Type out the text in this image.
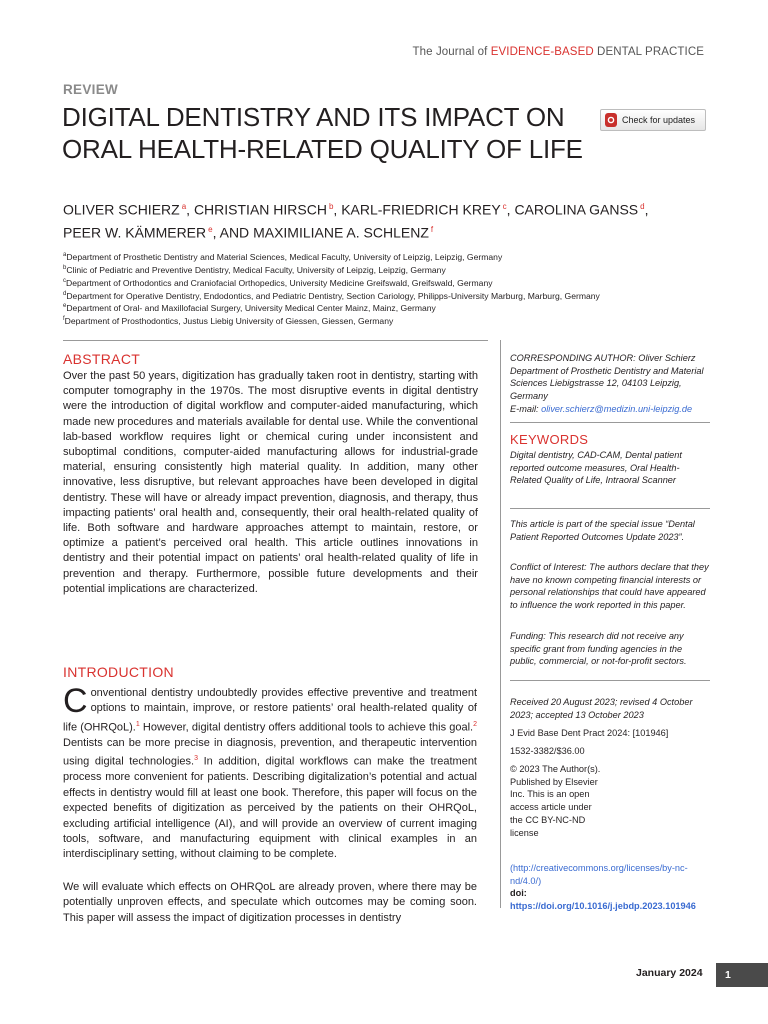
The Journal of EVIDENCE-BASED DENTAL PRACTICE
REVIEW
DIGITAL DENTISTRY AND ITS IMPACT ON ORAL HEALTH-RELATED QUALITY OF LIFE
Check for updates

OLIVER SCHIERZ $^a$, CHRISTIAN HIRSCH $^b$, KARL-FRIEDRICH KREY $^c$, CAROLINA GANSS $^d$,
PEER W. KÄMMERER $^e$, AND MAXIMILIANE A. SCHLENZ $^f$

$^a$Department of Prosthetic Dentistry and Material Sciences, Medical Faculty, University of Leipzig, Leipzig, Germany
$^b$Clinic of Pediatric and Preventive Dentistry, Medical Faculty, University of Leipzig, Leipzig, Germany
$^c$Department of Orthodontics and Craniofacial Orthopedics, University Medicine Greifswald, Greifswald, Germany
$^d$Department for Operative Dentistry, Endodontics, and Pediatric Dentistry, Section Cariology, Philipps-University Marburg, Marburg, Germany
$^e$Department of Oral- and Maxillofacial Surgery, University Medical Center Mainz, Mainz, Germany
$^f$Department of Prosthodontics, Justus Liebig University of Giessen, Giessen, Germany
ABSTRACT

Over the past 50 years, digitization has gradually taken root in dentistry, starting with computer tomography in the 1970s. The most disruptive events in digital dentistry were the introduction of digital workflow and computer-aided manufacturing, which made new procedures and materials available for dental use. While the conventional lab-based workflow requires light or chemical curing under inconsistent and suboptimal conditions, computer-aided manufacturing allows for industrial-grade material, ensuring consistently high material quality. In addition, many other innovative, less disruptive, but relevant approaches have been developed in digital dentistry. These will have or already impact prevention, diagnosis, and therapy, thus impacting patients’ oral health and, consequently, their oral health-related quality of life. Both software and hardware approaches attempt to maintain, restore, or optimize a patient’s perceived oral health. This article outlines innovations in dentistry and their potential impact on patients’ oral health-related quality of life in prevention and therapy. Furthermore, possible future developments and their potential implications are characterized.

INTRODUCTION

Conventional dentistry undoubtedly provides effective preventive and treatment options to maintain, improve, or restore patients’ oral health-related quality of life (OHRQoL).$^1$ However, digital dentistry offers additional tools to achieve this goal.$^2$ Dentists can be more precise in diagnosis, prevention, and therapeutic intervention using digital technologies.$^3$ In addition, digital workflows can make the treatment process more convenient for patients. Describing digitalization’s potential and actual effects in dentistry would fill at least one book. Therefore, this paper will focus on the expected benefits of digitization as perceived by the patients on their OHRQoL, excluding artificial intelligence (AI), and will provide an overview of current imaging tools, software, and manufacturing equipment with clinical examples in an interdisciplinary setting, without claiming to be complete.

We will evaluate which effects on OHRQoL are already proven, where there may be potentially unproven effects, and speculate which outcomes may be coming soon. This paper will assess the impact of digitization processes in dentistry

CORRESPONDING AUTHOR: Oliver Schierz Department of Prosthetic Dentistry and Material Sciences Liebigstrasse 12, 04103 Leipzig, Germany
E-mail: oliver.schierz@medizin.uni-leipzig.de

KEYWORDS

Digital dentistry, CAD-CAM, Dental patient reported outcome measures, Oral Health-Related Quality of Life, Intraoral Scanner

This article is part of the special issue “Dental Patient Reported Outcomes Update 2023”.

Conflict of Interest: The authors declare that they have no known competing financial interests or personal relationships that could have appeared to influence the work reported in this paper.

Funding: This research did not receive any specific grant from funding agencies in the public, commercial, or not-for-profit sectors.

Received 20 August 2023; revised 4 October 2023; accepted 13 October 2023

J Evid Base Dent Pract 2024: [101946]

1532-3382/$36.00

© 2023 The Author(s). Published by Elsevier Inc. This is an open access article under the CC BY-NC-ND license

(http://creativecommons.org/licenses/by-nc-nd/4.0/)
doi: https://doi.org/10.1016/j.jebdp.2023.101946

January 2024	1
